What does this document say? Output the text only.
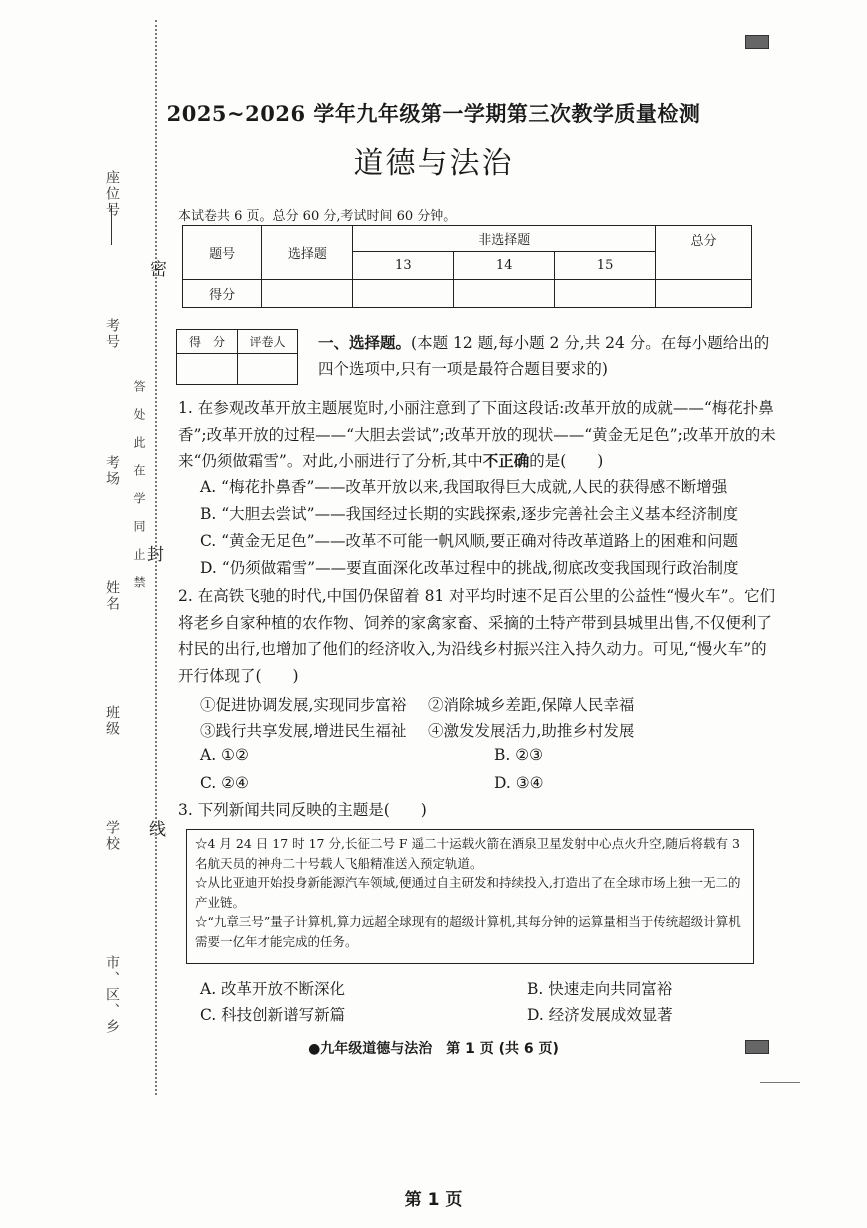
座位号
考号
考场
姓名
班级
学校
市、区、乡
答处此在学同止禁
密
封
线
2025~2026 学年九年级第一学期第三次教学质量检测
道德与法治
本试卷共 6 页。总分 60 分,考试时间 60 分钟。
题号	选择题	非选择题			总分
		13	14	15	
得分					
得　分	评卷人
	一、选择题。(本题 12 题,每小题 2 分,共 24 分。在每小题给出的四个选项中,只有一项是最符合题目要求的)
1. 在参观改革开放主题展览时,小丽注意到了下面这段话:改革开放的成就——“梅花扑鼻香”;改革开放的过程——“大胆去尝试”;改革开放的现状——“黄金无足色”;改革开放的未来“仍须做霜雪”。对此,小丽进行了分析,其中不正确的是(　　)
A. “梅花扑鼻香”——改革开放以来,我国取得巨大成就,人民的获得感不断增强
B. “大胆去尝试”——我国经过长期的实践探索,逐步完善社会主义基本经济制度
C. “黄金无足色”——改革不可能一帆风顺,要正确对待改革道路上的困难和问题
D. “仍须做霜雪”——要直面深化改革过程中的挑战,彻底改变我国现行政治制度
2. 在高铁飞驰的时代,中国仍保留着 81 对平均时速不足百公里的公益性“慢火车”。它们将老乡自家种植的农作物、饲养的家禽家畜、采摘的土特产带到县城里出售,不仅便利了村民的出行,也增加了他们的经济收入,为沿线乡村振兴注入持久动力。可见,“慢火车”的开行体现了(　　)
①促进协调发展,实现同步富裕 ②消除城乡差距,保障人民幸福
③践行共享发展,增进民生福祉 ④激发发展活力,助推乡村发展
A. ①②	B. ②③
C. ②④	D. ③④
3. 下列新闻共同反映的主题是(　　)
☆4 月 24 日 17 时 17 分,长征二号 F 遥二十运载火箭在酒泉卫星发射中心点火升空,随后将载有 3 名航天员的神舟二十号载人飞船精准送入预定轨道。
☆从比亚迪开始投身新能源汽车领域,便通过自主研发和持续投入,打造出了在全球市场上独一无二的产业链。
☆“九章三号”量子计算机,算力远超全球现有的超级计算机,其每分钟的运算量相当于传统超级计算机需要一亿年才能完成的任务。
A. 改革开放不断深化	B. 快速走向共同富裕
C. 科技创新谱写新篇	D. 经济发展成效显著
●九年级道德与法治　第 1 页 (共 6 页)
第 1 页
